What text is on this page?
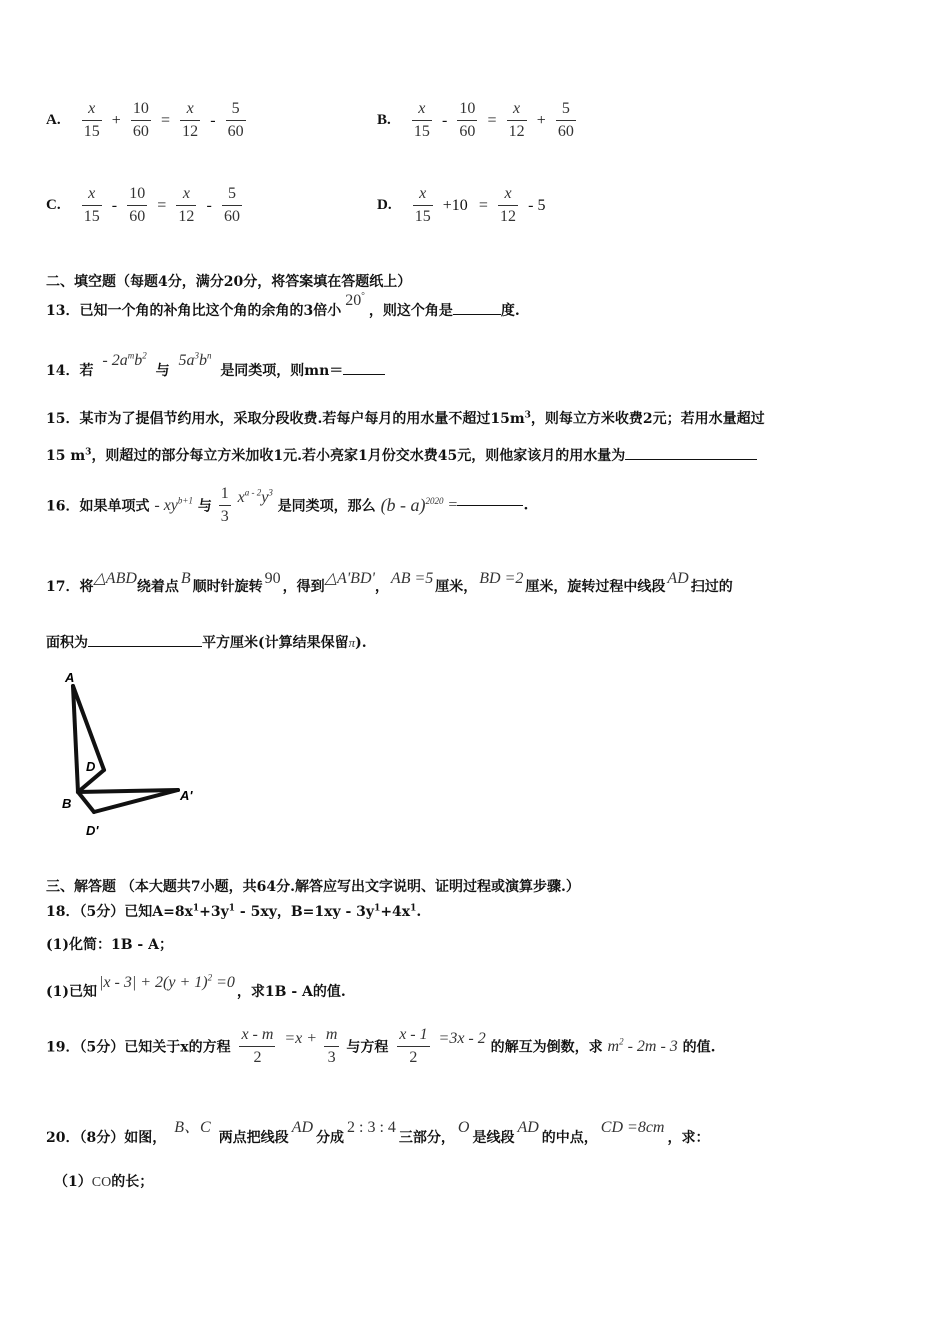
A. $\frac{x}{15} + \frac{10}{60} = \frac{x}{12} - \frac{5}{60}$	B. $\frac{x}{15} - \frac{10}{60} = \frac{x}{12} + \frac{5}{60}$
C. $\frac{x}{15} - \frac{10}{60} = \frac{x}{12} - \frac{5}{60}$	D. $\frac{x}{15} +10 = \frac{x}{12} - 5$
二、填空题（每题4分，满分20分，将答案填在答题纸上）
13．已知一个角的补角比这个角的余角的3倍小20°，则这个角是	度.
14．若 - $2a^mb^2$ 与 $5a^3b^n$ 是同类项，则mn＝
15．某市为了提倡节约用水，采取分段收费.若每户每月的用水量不超过$15m^3$，则每立方米收费2元；若用水量超过
15 $m^3$，则超过的部分每立方米加收1元.若小亮家1月份交水费45元，则他家该月的用水量为
16．如果单项式 - $xy^{b+1}$ 与 $\frac{1}{3} x^{a - 2}y^3$ 是同类项，那么 (b - a)$^{2020}$ =	.
17．将△ABD绕着点 B 顺时针旋转 90 ，得到△A'BD'， AB =5 厘米， BD =2 厘米，旋转过程中线段 AD 扫过的
面积为	平方厘米(计算结果保留π).
A
D
B
A'
D'
三、解答题 （本大题共7小题，共64分.解答应写出文字说明、证明过程或演算步骤.）
18．（5分）已知$A=8x^1+3y^1 - 5xy$，$B=1xy - 3y^1+4x^1$.
(1)化简：1B - A；
(1)已知$|x - 3| + 2(y + 1)^2 =0$，求1B - A的值.
19．（5分）已知关于x的方程 $\frac{x - m}{2} =x + \frac{m}{3}$ 与方程 $\frac{x - 1}{2} =3x - 2$ 的解互为倒数，求 $m^2 - 2m - 3$ 的值.
20．（8分）如图，B、C两点把线段AD分成2 : 3 : 4三部分，O是线段AD的中点，CD =8cm，求：
（1）CO的长；
